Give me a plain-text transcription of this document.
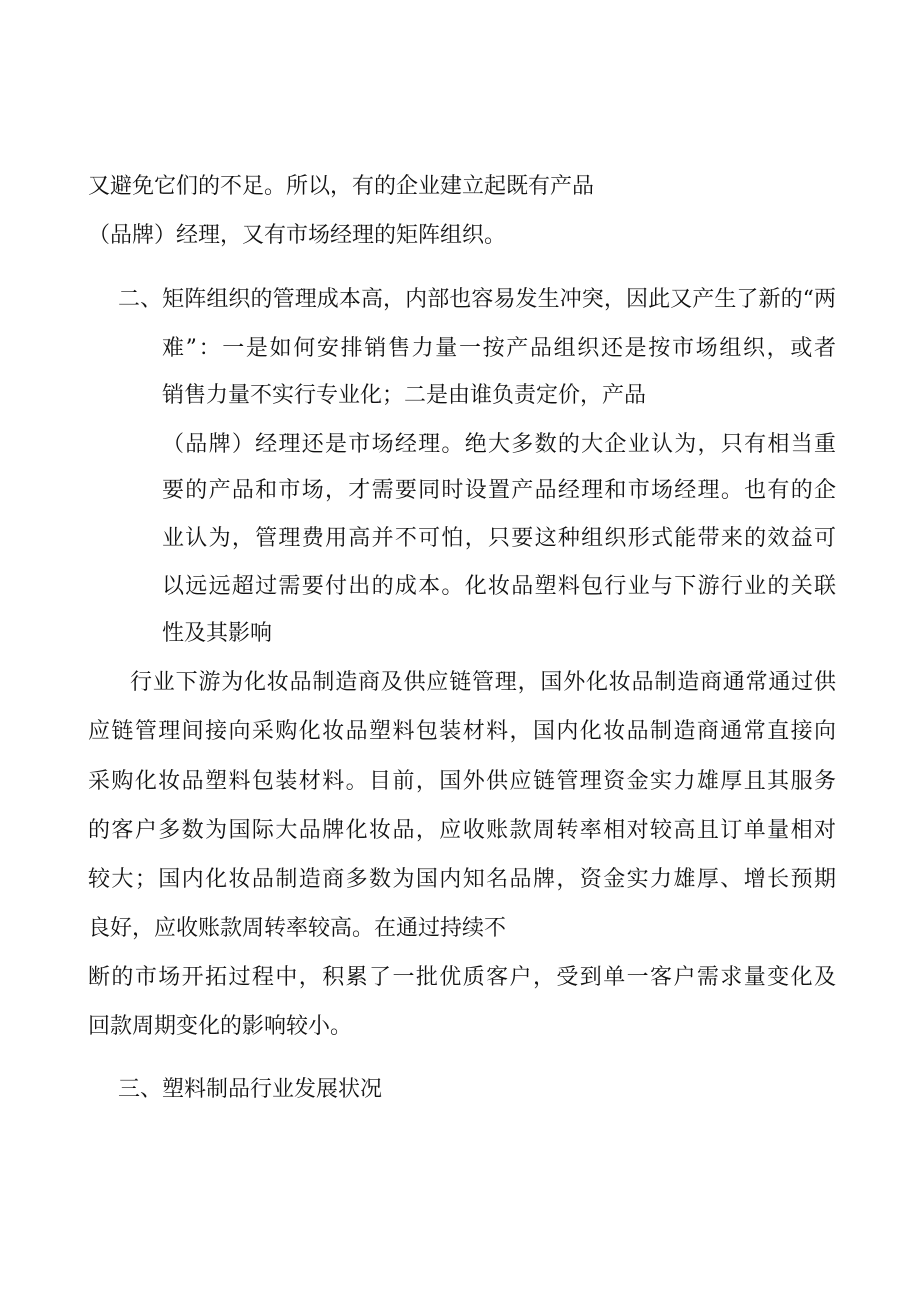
又避免它们的不足。所以，有的企业建立起既有产品
（品牌）经理，又有市场经理的矩阵组织。
二、矩阵组织的管理成本高，内部也容易发生冲突，因此又产生了新的“两
难”：一是如何安排销售力量一按产品组织还是按市场组织，或者
销售力量不实行专业化；二是由谁负责定价，产品
（品牌）经理还是市场经理。绝大多数的大企业认为，只有相当重
要的产品和市场，才需要同时设置产品经理和市场经理。也有的企
业认为，管理费用高并不可怕，只要这种组织形式能带来的效益可
以远远超过需要付出的成本。化妆品塑料包行业与下游行业的关联
性及其影响
行业下游为化妆品制造商及供应链管理，国外化妆品制造商通常通过供
应链管理间接向采购化妆品塑料包装材料，国内化妆品制造商通常直接向
采购化妆品塑料包装材料。目前，国外供应链管理资金实力雄厚且其服务
的客户多数为国际大品牌化妆品，应收账款周转率相对较高且订单量相对
较大；国内化妆品制造商多数为国内知名品牌，资金实力雄厚、增长预期
良好，应收账款周转率较高。在通过持续不
断的市场开拓过程中，积累了一批优质客户，受到单一客户需求量变化及
回款周期变化的影响较小。
三、塑料制品行业发展状况
